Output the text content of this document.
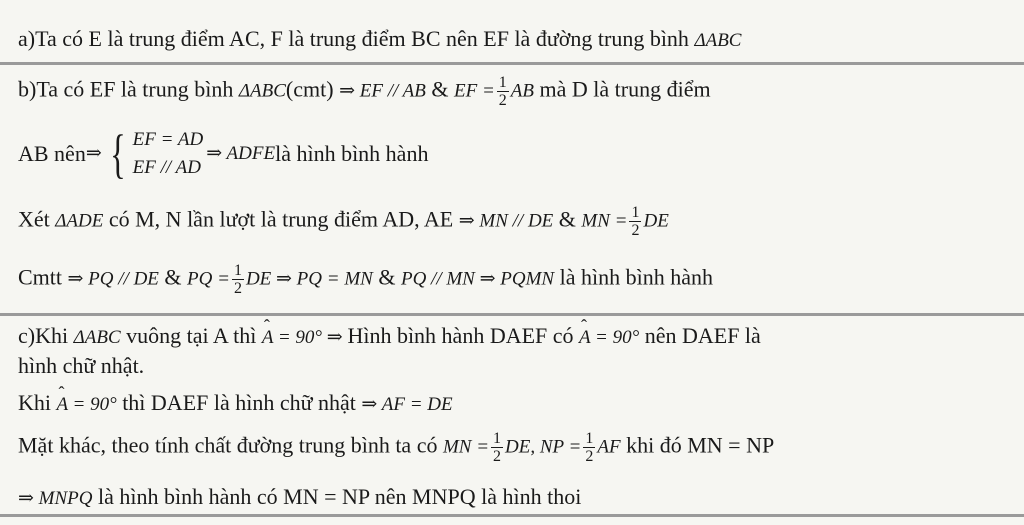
a)Ta có E là trung điểm AC, F là trung điểm BC nên EF là đường trung bình ΔABC
b)Ta có EF là trung bình ΔABC(cmt) ⇒ EF // AB & EF = $\frac{1}{2}$ AB mà D là trung điểm
AB nên ⇒ { EF = AD
EF // AD
⇒ ADFE là hình bình hành
Xét ΔADE có M, N lần lượt là trung điểm AD, AE ⇒ MN // DE & MN = $\frac{1}{2}$ DE
Cmtt ⇒ PQ // DE & PQ = $\frac{1}{2}$ DE ⇒ PQ = MN & PQ // MN ⇒ PQMN là hình bình hành
c)Khi ΔABC vuông tại A thì ˆ A = 90° ⇒ Hình bình hành DAEF có ˆ A = 90° nên DAEF là
hình chữ nhật.
Khi ˆ A = 90° thì DAEF là hình chữ nhật ⇒ AF = DE
Mặt khác, theo tính chất đường trung bình ta có MN = $\frac{1}{2}$ DE, NP = $\frac{1}{2}$ AF khi đó MN = NP
⇒ MNPQ là hình bình hành có MN = NP nên MNPQ là hình thoi
